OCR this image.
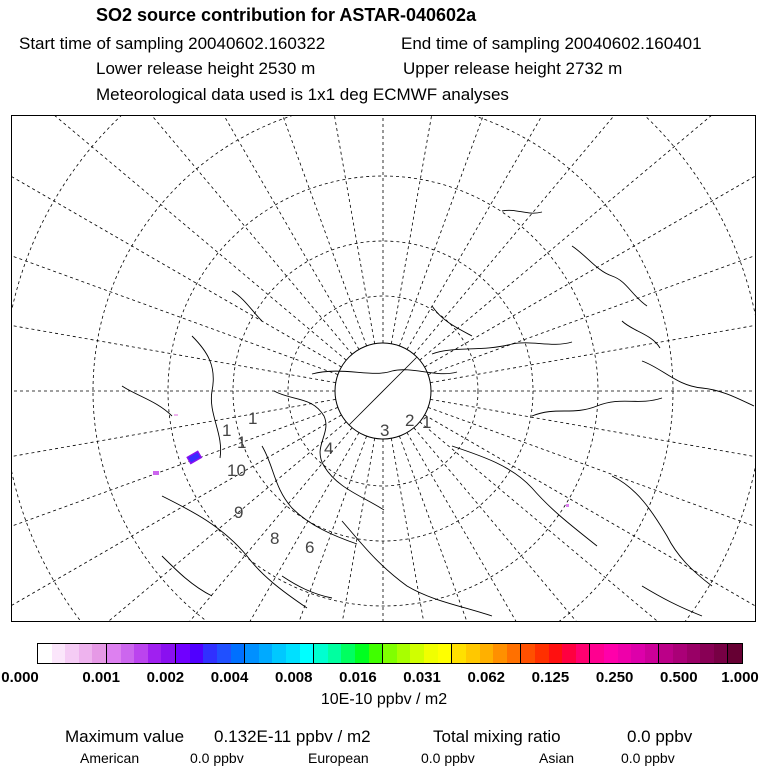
SO2 source contribution for ASTAR-040602a
Start time of sampling 20040602.160322	End time of sampling 20040602.160401
Lower release height 2530 m	Upper release height 2732 m
Meteorological data used is 1x1 deg ECMWF analyses
1
1
1
10
9
8 6
4
3
2 1
0.000	0.001 0.002 0.004 0.008 0.016 0.031 0.062 0.125 0.250 0.500 1.000
10E-10 ppbv / m2
Maximum value 0.132E-11 ppbv / m2	Total mixing ratio	0.0 ppbv
American	0.0 ppbv	European	0.0 ppbv	Asian	0.0 ppbv
